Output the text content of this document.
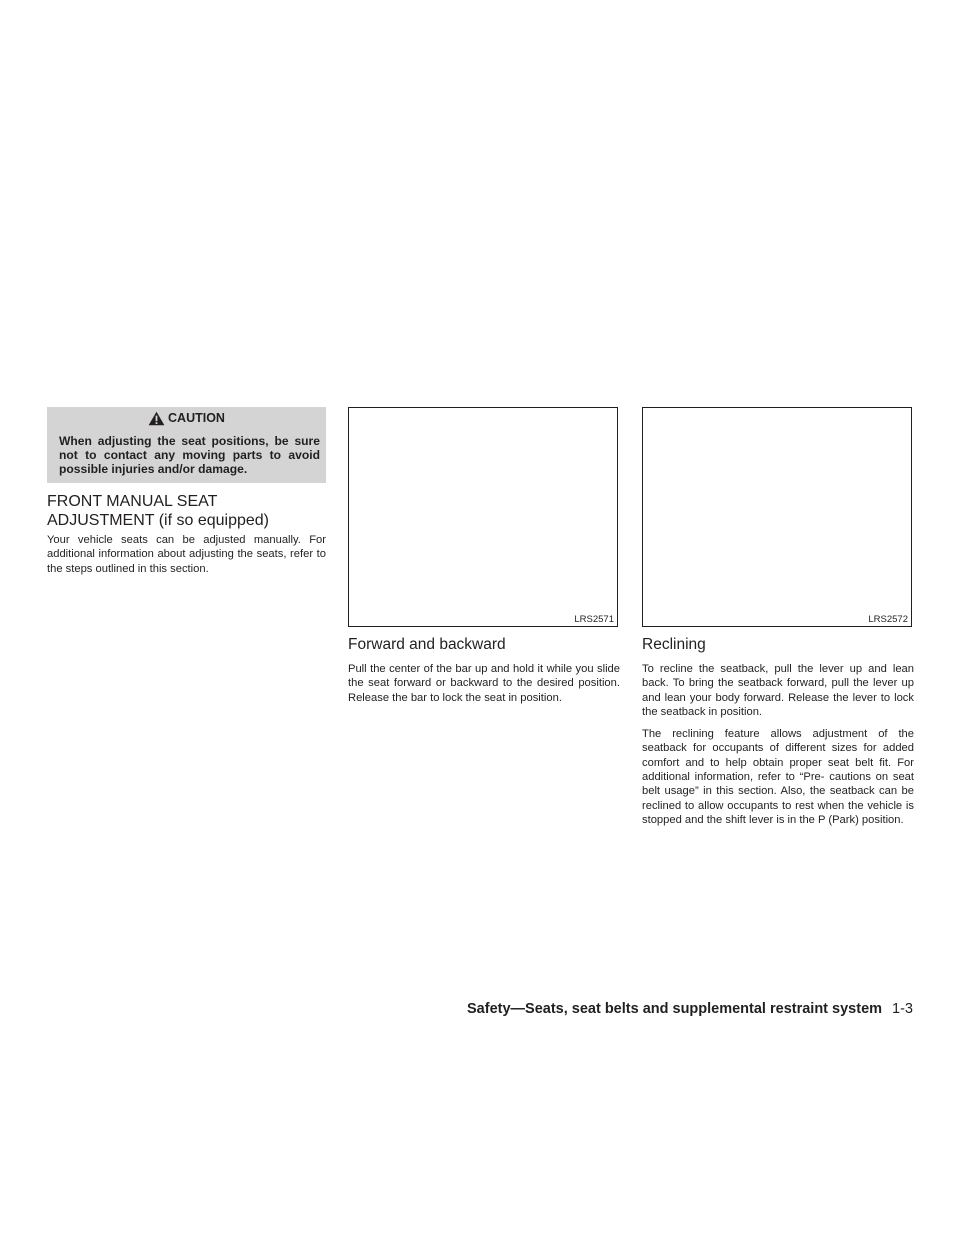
CAUTION
When adjusting the seat positions, be sure not to contact any moving parts to avoid possible injuries and/or damage.
FRONT MANUAL SEAT
ADJUSTMENT (if so equipped)

Your vehicle seats can be adjusted manually. For additional information about adjusting the seats, refer to the steps outlined in this section.

LRS2571
Forward and backward

Pull the center of the bar up and hold it while you slide the seat forward or backward to the desired position. Release the bar to lock the seat in position.

LRS2572
Reclining

To recline the seatback, pull the lever up and lean back. To bring the seatback forward, pull the lever up and lean your body forward. Release the lever to lock the seatback in position.

The reclining feature allows adjustment of the seatback for occupants of different sizes for added comfort and to help obtain proper seat belt fit. For additional information, refer to “Pre- cautions on seat belt usage” in this section. Also, the seatback can be reclined to allow occupants to rest when the vehicle is stopped and the shift lever is in the P (Park) position.

Safety—Seats, seat belts and supplemental restraint system 1-3
